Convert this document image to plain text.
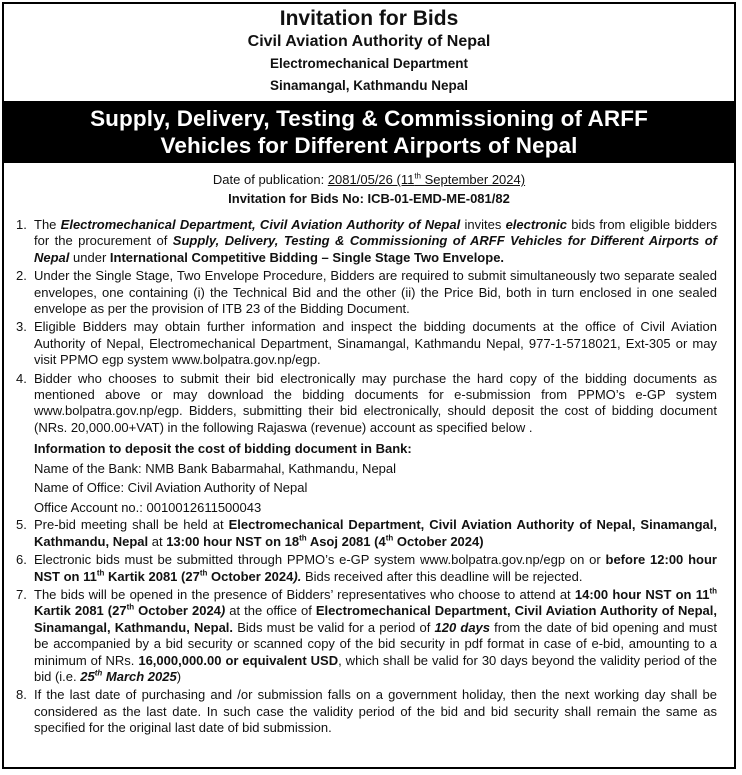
Invitation for Bids
Civil Aviation Authority of Nepal
Electromechanical Department
Sinamangal, Kathmandu Nepal
Supply, Delivery, Testing & Commissioning of ARFF
Vehicles for Different Airports of Nepal
Date of publication: 2081/05/26 (11th September 2024)
Invitation for Bids No: ICB-01-EMD-ME-081/82
1. The Electromechanical Department, Civil Aviation Authority of Nepal invites electronic bids from eligible bidders for the procurement of Supply, Delivery, Testing & Commissioning of ARFF Vehicles for Different Airports of Nepal under International Competitive Bidding – Single Stage Two Envelope.
2. Under the Single Stage, Two Envelope Procedure, Bidders are required to submit simultaneously two separate sealed envelopes, one containing (i) the Technical Bid and the other (ii) the Price Bid, both in turn enclosed in one sealed envelope as per the provision of ITB 23 of the Bidding Document.
3. Eligible Bidders may obtain further information and inspect the bidding documents at the office of Civil Aviation Authority of Nepal, Electromechanical Department, Sinamangal, Kathmandu Nepal, 977-1-5718021, Ext-305 or may visit PPMO egp system www.bolpatra.gov.np/egp.
4. Bidder who chooses to submit their bid electronically may purchase the hard copy of the bidding documents as mentioned above or may download the bidding documents for e-submission from PPMO’s e-GP system www.bolpatra.gov.np/egp. Bidders, submitting their bid electronically, should deposit the cost of bidding document (NRs. 20,000.00+VAT) in the following Rajaswa (revenue) account as specified below .
Information to deposit the cost of bidding document in Bank:
Name of the Bank: NMB Bank Babarmahal, Kathmandu, Nepal
Name of Office: Civil Aviation Authority of Nepal
Office Account no.: 0010012611500043
5. Pre-bid meeting shall be held at Electromechanical Department, Civil Aviation Authority of Nepal, Sinamangal, Kathmandu, Nepal at 13:00 hour NST on 18th Asoj 2081 (4th October 2024)
6. Electronic bids must be submitted through PPMO’s e-GP system www.bolpatra.gov.np/egp on or before 12:00 hour NST on 11th Kartik 2081 (27th October 2024). Bids received after this deadline will be rejected.
7. The bids will be opened in the presence of Bidders’ representatives who choose to attend at 14:00 hour NST on 11th Kartik 2081 (27th October 2024) at the office of Electromechanical Department, Civil Aviation Authority of Nepal, Sinamangal, Kathmandu, Nepal. Bids must be valid for a period of 120 days from the date of bid opening and must be accompanied by a bid security or scanned copy of the bid security in pdf format in case of e-bid, amounting to a minimum of NRs. 16,000,000.00 or equivalent USD, which shall be valid for 30 days beyond the validity period of the bid (i.e. 25th March 2025)
8. If the last date of purchasing and /or submission falls on a government holiday, then the next working day shall be considered as the last date. In such case the validity period of the bid and bid security shall remain the same as specified for the original last date of bid submission.
